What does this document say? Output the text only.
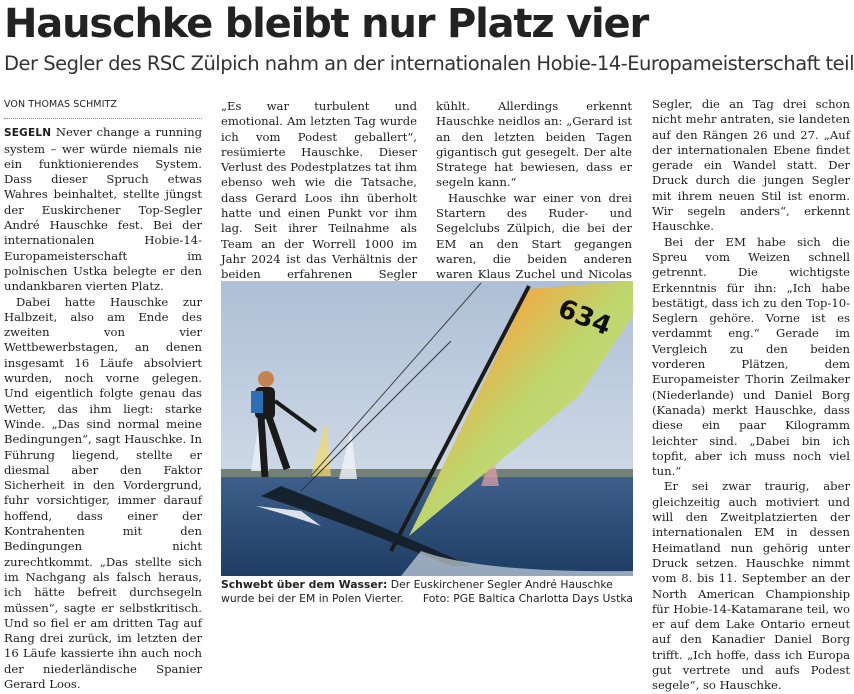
Hauschke bleibt nur Platz vier
Der Segler des RSC Zülpich nahm an der internationalen Hobie-14-Europameisterschaft teil
VON THOMAS SCHMITZ

SEGELN Never change a running system – wer würde niemals nie ein funktionierendes System. Dass dieser Spruch etwas Wahres beinhaltet, stellte jüngst der Euskirchener Top-Segler André Hauschke fest. Bei der internationalen Hobie-14-Europameisterschaft im polnischen Ustka belegte er den undankbaren vierten Platz.

Dabei hatte Hauschke zur Halbzeit, also am Ende des zweiten von vier Wettbewerbstagen, an denen insgesamt 16 Läufe absolviert wurden, noch vorne gelegen. Und eigentlich folgte genau das Wetter, das ihm liegt: starke Winde. „Das sind normal meine Bedingungen“, sagt Hauschke. In Führung liegend, stellte er diesmal aber den Faktor Sicherheit in den Vordergrund, fuhr vorsichtiger, immer darauf hoffend, dass einer der Kontrahenten mit den Bedingungen nicht zurechtkommt. „Das stellte sich im Nachgang als falsch heraus, ich hätte befreit durchsegeln müssen“, sagte er selbstkritisch. Und so fiel er am dritten Tag auf Rang drei zurück, im letzten der 16 Läufe kassierte ihn auch noch der niederländische Spanier Gerard Loos.

„Es war turbulent und emotional. Am letzten Tag wurde ich vom Podest geballert“, resümierte Hauschke. Dieser Verlust des Podestplatzes tat ihm ebenso weh wie die Tatsache, dass Gerard Loos ihn überholt hatte und einen Punkt vor ihm lag. Seit ihrer Teilnahme als Team an der Worrell 1000 im Jahr 2024 ist das Verhältnis der beiden erfahrenen Segler

kühlt. Allerdings erkennt Hauschke neidlos an: „Gerard ist an den letzten beiden Tagen gigantisch gut gesegelt. Der alte Stratege hat bewiesen, dass er segeln kann.“

Hauschke war einer von drei Startern des Ruder- und Segelclubs Zülpich, die bei der EM an den Start gegangen waren, die beiden anderen waren Klaus Zuchel und Nicolas

Segler, die an Tag drei schon nicht mehr antraten, sie landeten auf den Rängen 26 und 27. „Auf der internationalen Ebene findet gerade ein Wandel statt. Der Druck durch die jungen Segler mit ihrem neuen Stil ist enorm. Wir segeln anders“, erkennt Hauschke.

Bei der EM habe sich die Spreu vom Weizen schnell getrennt. Die wichtigste Erkenntnis für ihn: „Ich habe bestätigt, dass ich zu den Top-10-Seglern gehöre. Vorne ist es verdammt eng.“ Gerade im Vergleich zu den beiden vorderen Plätzen, dem Europameister Thorin Zeilmaker (Niederlande) und Daniel Borg (Kanada) merkt Hauschke, dass diese ein paar Kilogramm leichter sind. „Dabei bin ich topfit, aber ich muss noch viel tun.“

Er sei zwar traurig, aber gleichzeitig auch motiviert und will den Zweitplatzierten der internationalen EM in dessen Heimatland nun gehörig unter Druck setzen. Hauschke nimmt vom 8. bis 11. September an der North American Championship für Hobie-14-Katamarane teil, wo er auf dem Lake Ontario erneut auf den Kanadier Daniel Borg trifft. „Ich hoffe, dass ich Europa gut vertrete und aufs Podest segele“, so Hauschke.

634
Schwebt über dem Wasser: Der Euskirchener Segler André Hauschke wurde bei der EM in Polen Vierter.	Foto: PGE Baltica Charlotta Days Ustka
